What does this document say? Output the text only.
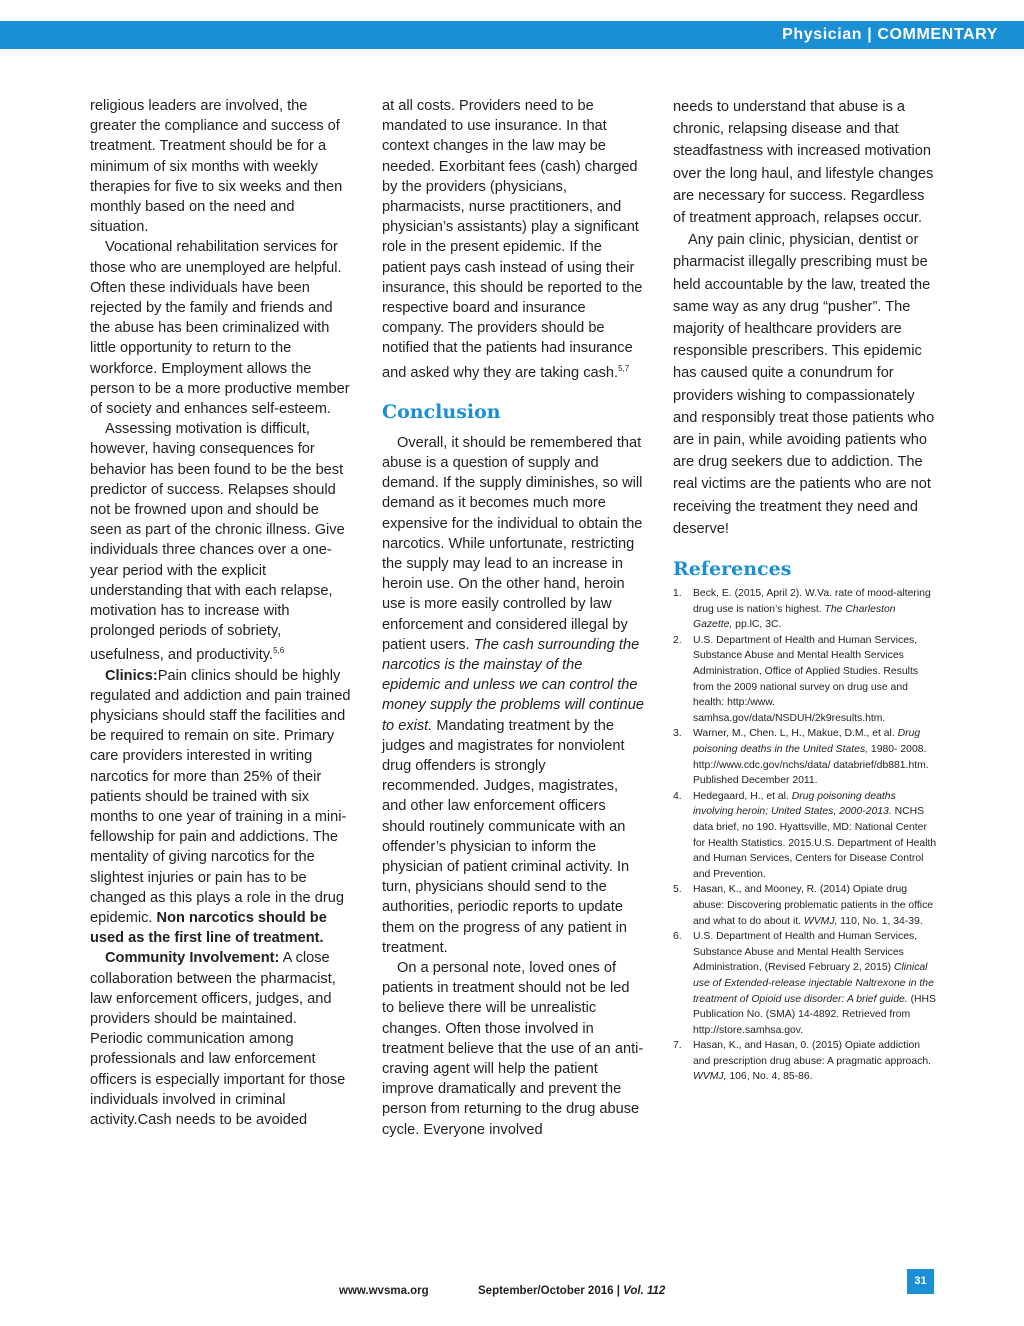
Physician | COMMENTARY

religious leaders are involved, the greater the compliance and success of treatment. Treatment should be for a minimum of six months with weekly therapies for five to six weeks and then monthly based on the need and situation.

Vocational rehabilitation services for those who are unemployed are helpful. Often these individuals have been rejected by the family and friends and the abuse has been criminalized with little opportunity to return to the workforce. Employment allows the person to be a more productive member of society and enhances self-esteem.

Assessing motivation is difficult, however, having consequences for behavior has been found to be the best predictor of success. Relapses should not be frowned upon and should be seen as part of the chronic illness. Give individuals three chances over a one-year period with the explicit understanding that with each relapse, motivation has to increase with prolonged periods of sobriety, usefulness, and productivity.$^{5,6}$

Clinics:Pain clinics should be highly regulated and addiction and pain trained physicians should staff the facilities and be required to remain on site. Primary care providers interested in writing narcotics for more than 25% of their patients should be trained with six months to one year of training in a mini-fellowship for pain and addictions. The mentality of giving narcotics for the slightest injuries or pain has to be changed as this plays a role in the drug epidemic. Non narcotics should be used as the first line of treatment.

Community Involvement: A close collaboration between the pharmacist, law enforcement officers, judges, and providers should be maintained. Periodic communication among professionals and law enforcement officers is especially important for those individuals involved in criminal activity.Cash needs to be avoided

at all costs. Providers need to be mandated to use insurance. In that context changes in the law may be needed. Exorbitant fees (cash) charged by the providers (physicians, pharmacists, nurse practitioners, and physician’s assistants) play a significant role in the present epidemic. If the patient pays cash instead of using their insurance, this should be reported to the respective board and insurance company. The providers should be notified that the patients had insurance and asked why they are taking cash.$^{5,7}$

Conclusion

Overall, it should be remembered that abuse is a question of supply and demand. If the supply diminishes, so will demand as it becomes much more expensive for the individual to obtain the narcotics. While unfortunate, restricting the supply may lead to an increase in heroin use. On the other hand, heroin use is more easily controlled by law enforcement and considered illegal by patient users. The cash surrounding the narcotics is the mainstay of the epidemic and unless we can control the money supply the problems will continue to exist. Mandating treatment by the judges and magistrates for nonviolent drug offenders is strongly recommended. Judges, magistrates, and other law enforcement officers should routinely communicate with an offender’s physician to inform the physician of patient criminal activity. In turn, physicians should send to the authorities, periodic reports to update them on the progress of any patient in treatment.

On a personal note, loved ones of patients in treatment should not be led to believe there will be unrealistic changes. Often those involved in treatment believe that the use of an anti-craving agent will help the patient improve dramatically and prevent the person from returning to the drug abuse cycle. Everyone involved

needs to understand that abuse is a chronic, relapsing disease and that steadfastness with increased motivation over the long haul, and lifestyle changes are necessary for success. Regardless of treatment approach, relapses occur.

Any pain clinic, physician, dentist or pharmacist illegally prescribing must be held accountable by the law, treated the same way as any drug “pusher”. The majority of healthcare providers are responsible prescribers. This epidemic has caused quite a conundrum for providers wishing to compassionately and responsibly treat those patients who are in pain, while avoiding patients who are drug seekers due to addiction. The real victims are the patients who are not receiving the treatment they need and deserve!

References
1. Beck, E. (2015, April 2). W.Va. rate of mood-altering drug use is nation’s highest. The Charleston Gazette, pp.lC, 3C.
2. U.S. Department of Health and Human Services, Substance Abuse and Mental Health Services Administration, Office of Applied Studies. Results from the 2009 national survey on drug use and health: http:/www. samhsa.gov/data/NSDUH/2k9results.htm.
3. Warner, M., Chen. L, H., Makue, D.M., et al. Drug poisoning deaths in the United States, 1980- 2008. http://www.cdc.gov/nchs/data/ databrief/db881.htm. Published December 2011.
4. Hedegaard, H., et al. Drug poisoning deaths involving heroin; United States, 2000-2013. NCHS data brief, no 190. Hyattsville, MD: National Center for Health Statistics. 2015.U.S. Department of Health and Human Services, Centers for Disease Control and Prevention.
5. Hasan, K., and Mooney, R. (2014) Opiate drug abuse: Discovering problematic patients in the office and what to do about it. WVMJ, 110, No. 1, 34-39.
6. U.S. Department of Health and Human Services, Substance Abuse and Mental Health Services Administration, (Revised February 2, 2015) Clinical use of Extended-release injectable Naltrexone in the treatment of Opioid use disorder: A brief guide. (HHS Publication No. (SMA) 14-4892. Retrieved from http://store.samhsa.gov.
7. Hasan, K., and Hasan, 0. (2015) Opiate addiction and prescription drug abuse: A pragmatic approach. WVMJ, 106, No. 4, 85-86.
www.wvsma.org	September/October 2016 | Vol. 112
31
